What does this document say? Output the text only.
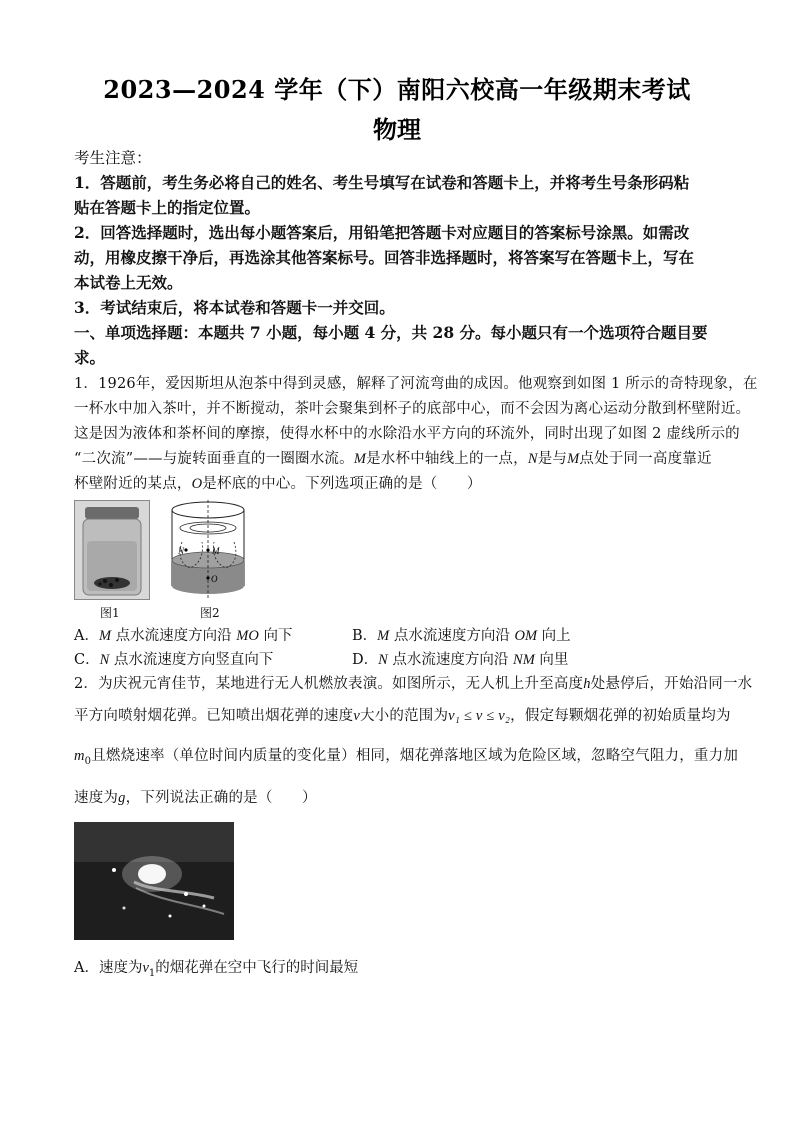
2023—2024 学年（下）南阳六校高一年级期末考试
物理
考生注意：
1．答题前，考生务必将自己的姓名、考生号填写在试卷和答题卡上，并将考生号条形码粘
贴在答题卡上的指定位置。
2．回答选择题时，选出每小题答案后，用铅笔把答题卡对应题目的答案标号涂黑。如需改
动，用橡皮擦干净后，再选涂其他答案标号。回答非选择题时，将答案写在答题卡上，写在
本试卷上无效。
3．考试结束后，将本试卷和答题卡一并交回。
一、单项选择题：本题共 7 小题，每小题 4 分，共 28 分。每小题只有一个选项符合题目要
求。
1．1926年，爱因斯坦从泡茶中得到灵感，解释了河流弯曲的成因。他观察到如图 1 所示的奇特现象，在
一杯水中加入茶叶，并不断搅动，茶叶会聚集到杯子的底部中心，而不会因为离心运动分散到杯壁附近。
这是因为液体和茶杯间的摩擦，使得水杯中的水除沿水平方向的环流外，同时出现了如图 2 虚线所示的
“二次流”——与旋转面垂直的一圈圈水流。M是水杯中轴线上的一点，N是与M点处于同一高度靠近
杯壁附近的某点，O是杯底的中心。下列选项正确的是（　　）
图1
M
N
O
图2
A．M 点水流速度方向沿 MO 向下	B．M 点水流速度方向沿 OM 向上
C．N 点水流速度方向竖直向下	D．N 点水流速度方向沿 NM 向里
2．为庆祝元宵佳节，某地进行无人机燃放表演。如图所示，无人机上升至高度h处悬停后，开始沿同一水
平方向喷射烟花弹。已知喷出烟花弹的速度v大小的范围为v₁ ≤ v ≤ v₂，假定每颗烟花弹的初始质量均为
$m_0$且燃烧速率（单位时间内质量的变化量）相同，烟花弹落地区域为危险区域，忽略空气阻力，重力加
速度为g，下列说法正确的是（　　）
A．速度为$v_1$的烟花弹在空中飞行的时间最短
